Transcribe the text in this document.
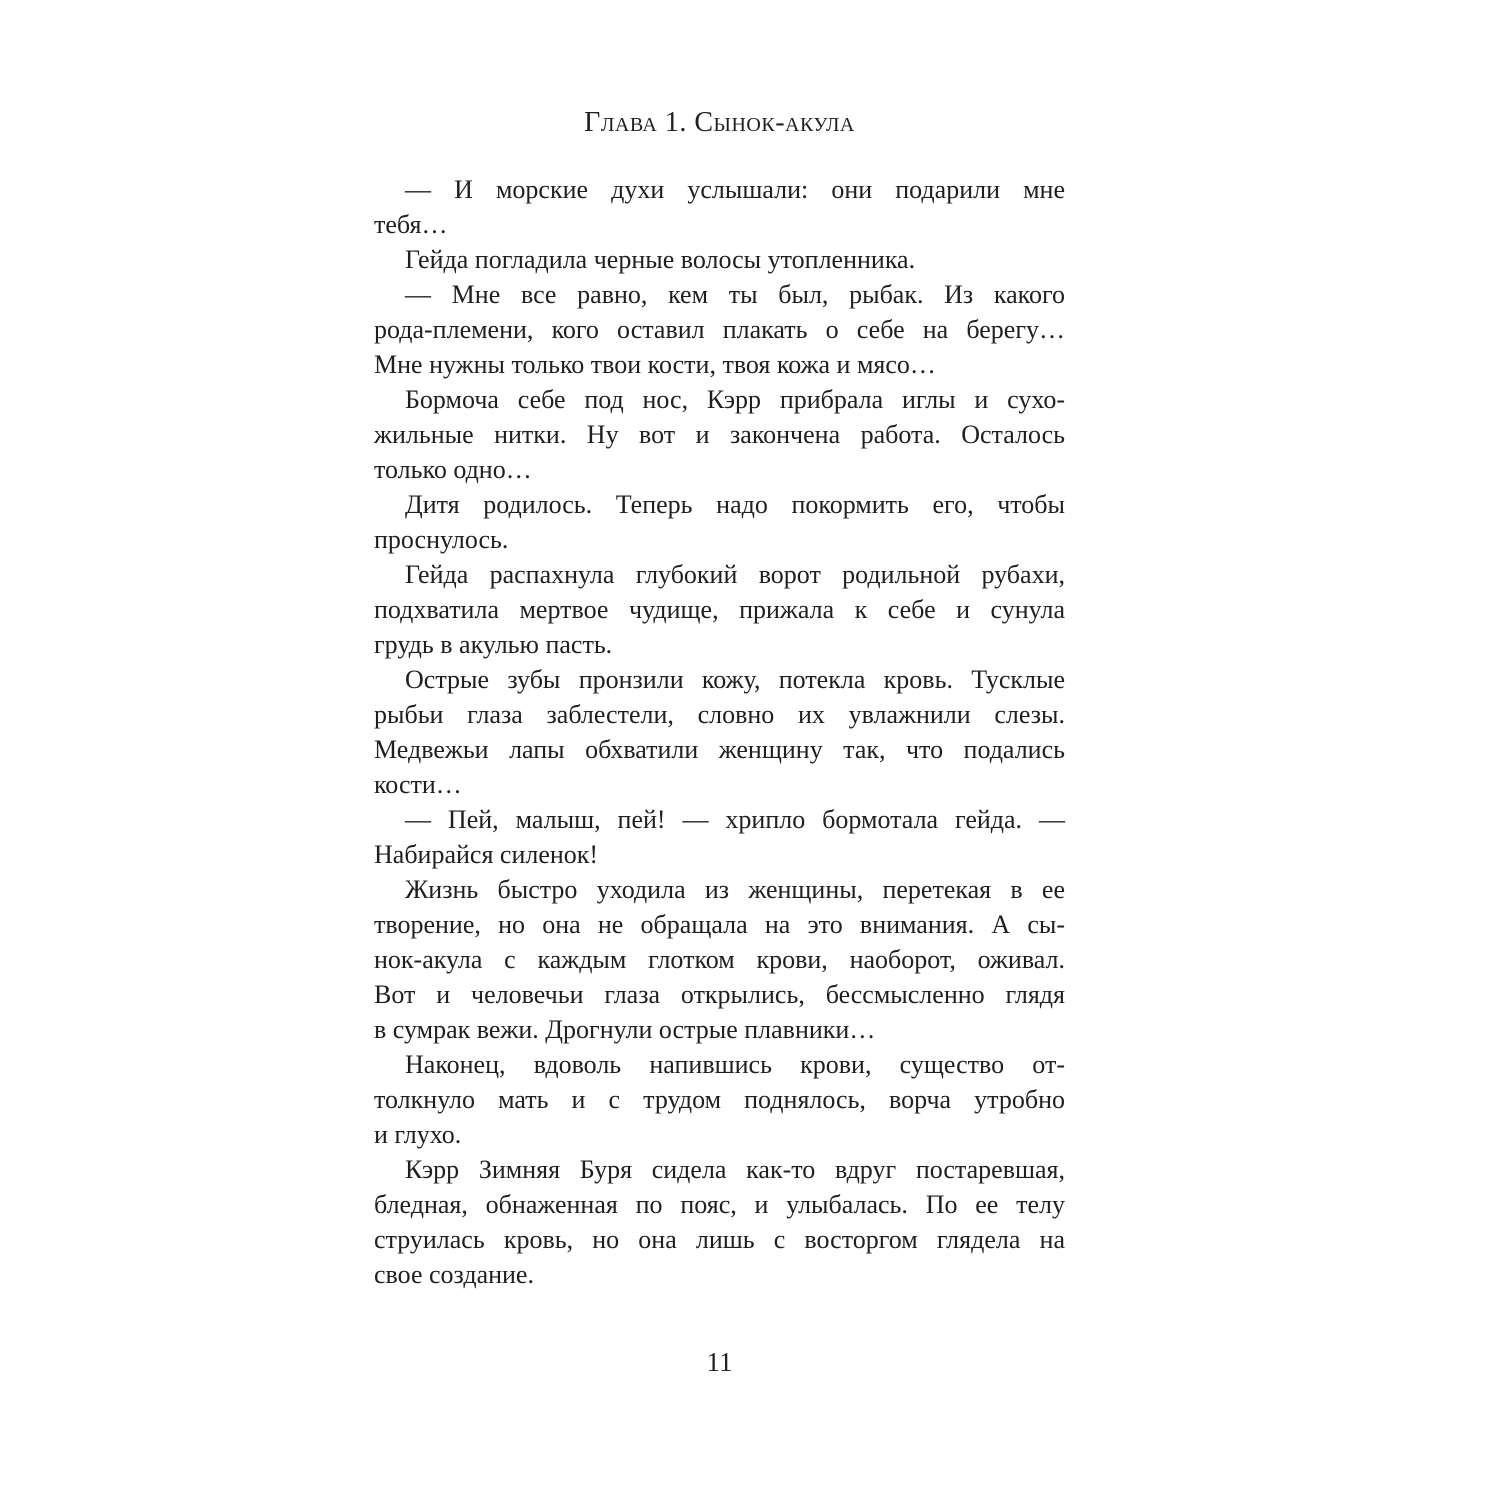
Глава 1. Сынок-акула
— И морские духи услышали: они подарили мне
тебя…
Гейда погладила черные волосы утопленника.
— Мне все равно, кем ты был, рыбак. Из какого
рода-племени, кого оставил плакать о себе на берегу…
Мне нужны только твои кости, твоя кожа и мясо…
Бормоча себе под нос, Кэрр прибрала иглы и сухо-
жильные нитки. Ну вот и закончена работа. Осталось
только одно…
Дитя родилось. Теперь надо покормить его, чтобы
проснулось.
Гейда распахнула глубокий ворот родильной рубахи,
подхватила мертвое чудище, прижала к себе и сунула
грудь в акулью пасть.
Острые зубы пронзили кожу, потекла кровь. Тусклые
рыбьи глаза заблестели, словно их увлажнили слезы.
Медвежьи лапы обхватили женщину так, что подались
кости…
— Пей, малыш, пей! — хрипло бормотала гейда. —
Набирайся силенок!
Жизнь быстро уходила из женщины, перетекая в ее
творение, но она не обращала на это внимания. А сы-
нок-акула с каждым глотком крови, наоборот, оживал.
Вот и человечьи глаза открылись, бессмысленно глядя
в сумрак вежи. Дрогнули острые плавники…
Наконец, вдоволь напившись крови, существо от-
толкнуло мать и с трудом поднялось, ворча утробно
и глухо.
Кэрр Зимняя Буря сидела как-то вдруг постаревшая,
бледная, обнаженная по пояс, и улыбалась. По ее телу
струилась кровь, но она лишь с восторгом глядела на
свое создание.
11
